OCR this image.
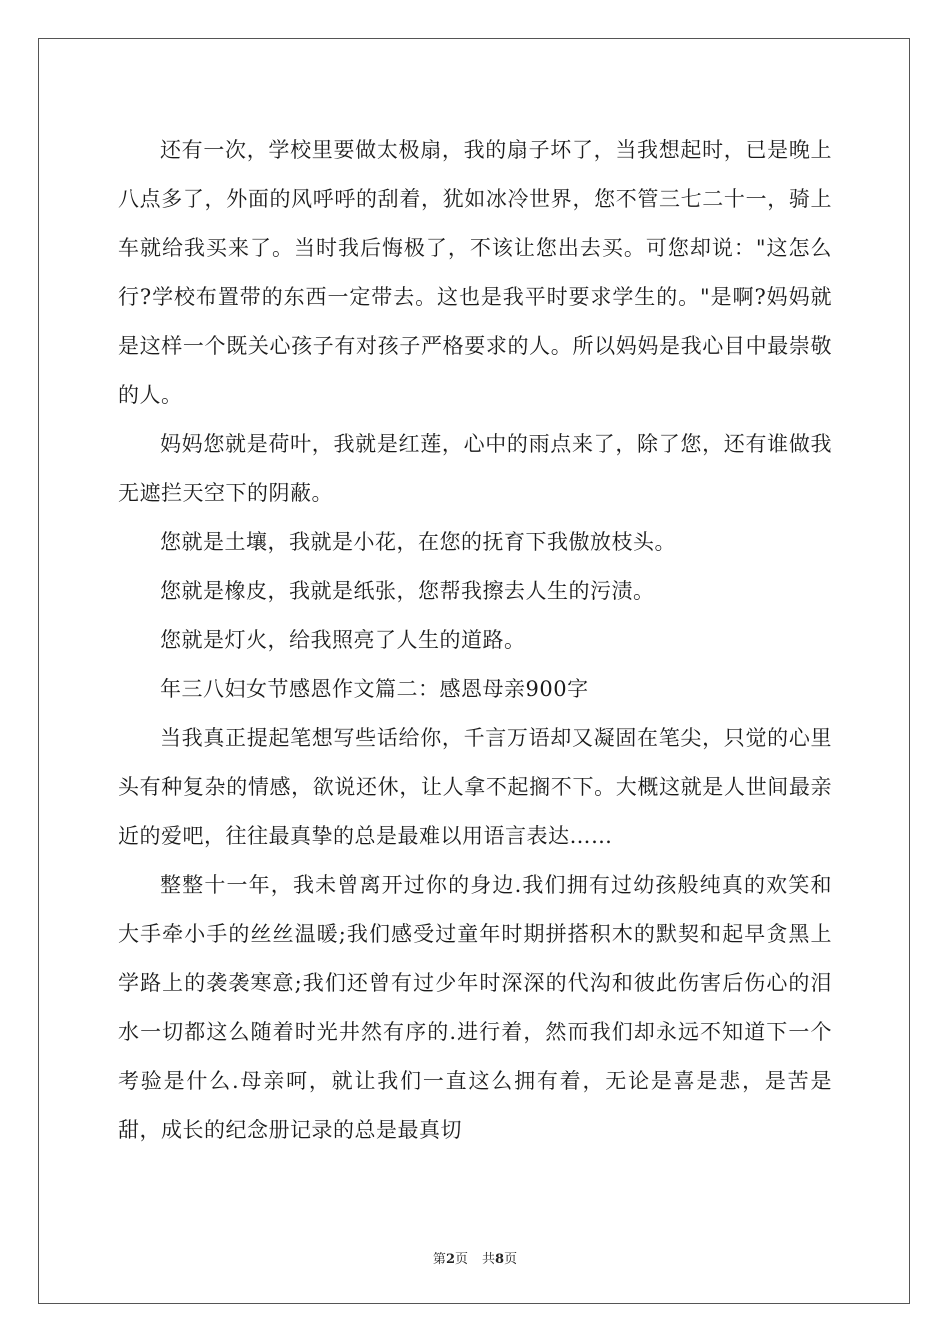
还有一次，学校里要做太极扇，我的扇子坏了，当我想起时，已是晚上八点多了，外面的风呼呼的刮着，犹如冰冷世界，您不管三七二十一，骑上车就给我买来了。当时我后悔极了，不该让您出去买。可您却说："这怎么行?学校布置带的东西一定带去。这也是我平时要求学生的。"是啊?妈妈就是这样一个既关心孩子有对孩子严格要求的人。所以妈妈是我心目中最崇敬的人。

妈妈您就是荷叶，我就是红莲，心中的雨点来了，除了您，还有谁做我无遮拦天空下的阴蔽。

您就是土壤，我就是小花，在您的抚育下我傲放枝头。

您就是橡皮，我就是纸张，您帮我擦去人生的污渍。

您就是灯火，给我照亮了人生的道路。

年三八妇女节感恩作文篇二：感恩母亲900字

当我真正提起笔想写些话给你，千言万语却又凝固在笔尖，只觉的心里头有种复杂的情感，欲说还休，让人拿不起搁不下。大概这就是人世间最亲近的爱吧，往往最真挚的总是最难以用语言表达……

整整十一年，我未曾离开过你的身边.我们拥有过幼孩般纯真的欢笑和大手牵小手的丝丝温暖;我们感受过童年时期拼搭积木的默契和起早贪黑上学路上的袭袭寒意;我们还曾有过少年时深深的代沟和彼此伤害后伤心的泪水一切都这么随着时光井然有序的.进行着，然而我们却永远不知道下一个考验是什么.母亲呵，就让我们一直这么拥有着，无论是喜是悲，是苦是甜，成长的纪念册记录的总是最真切

第2页 共8页
